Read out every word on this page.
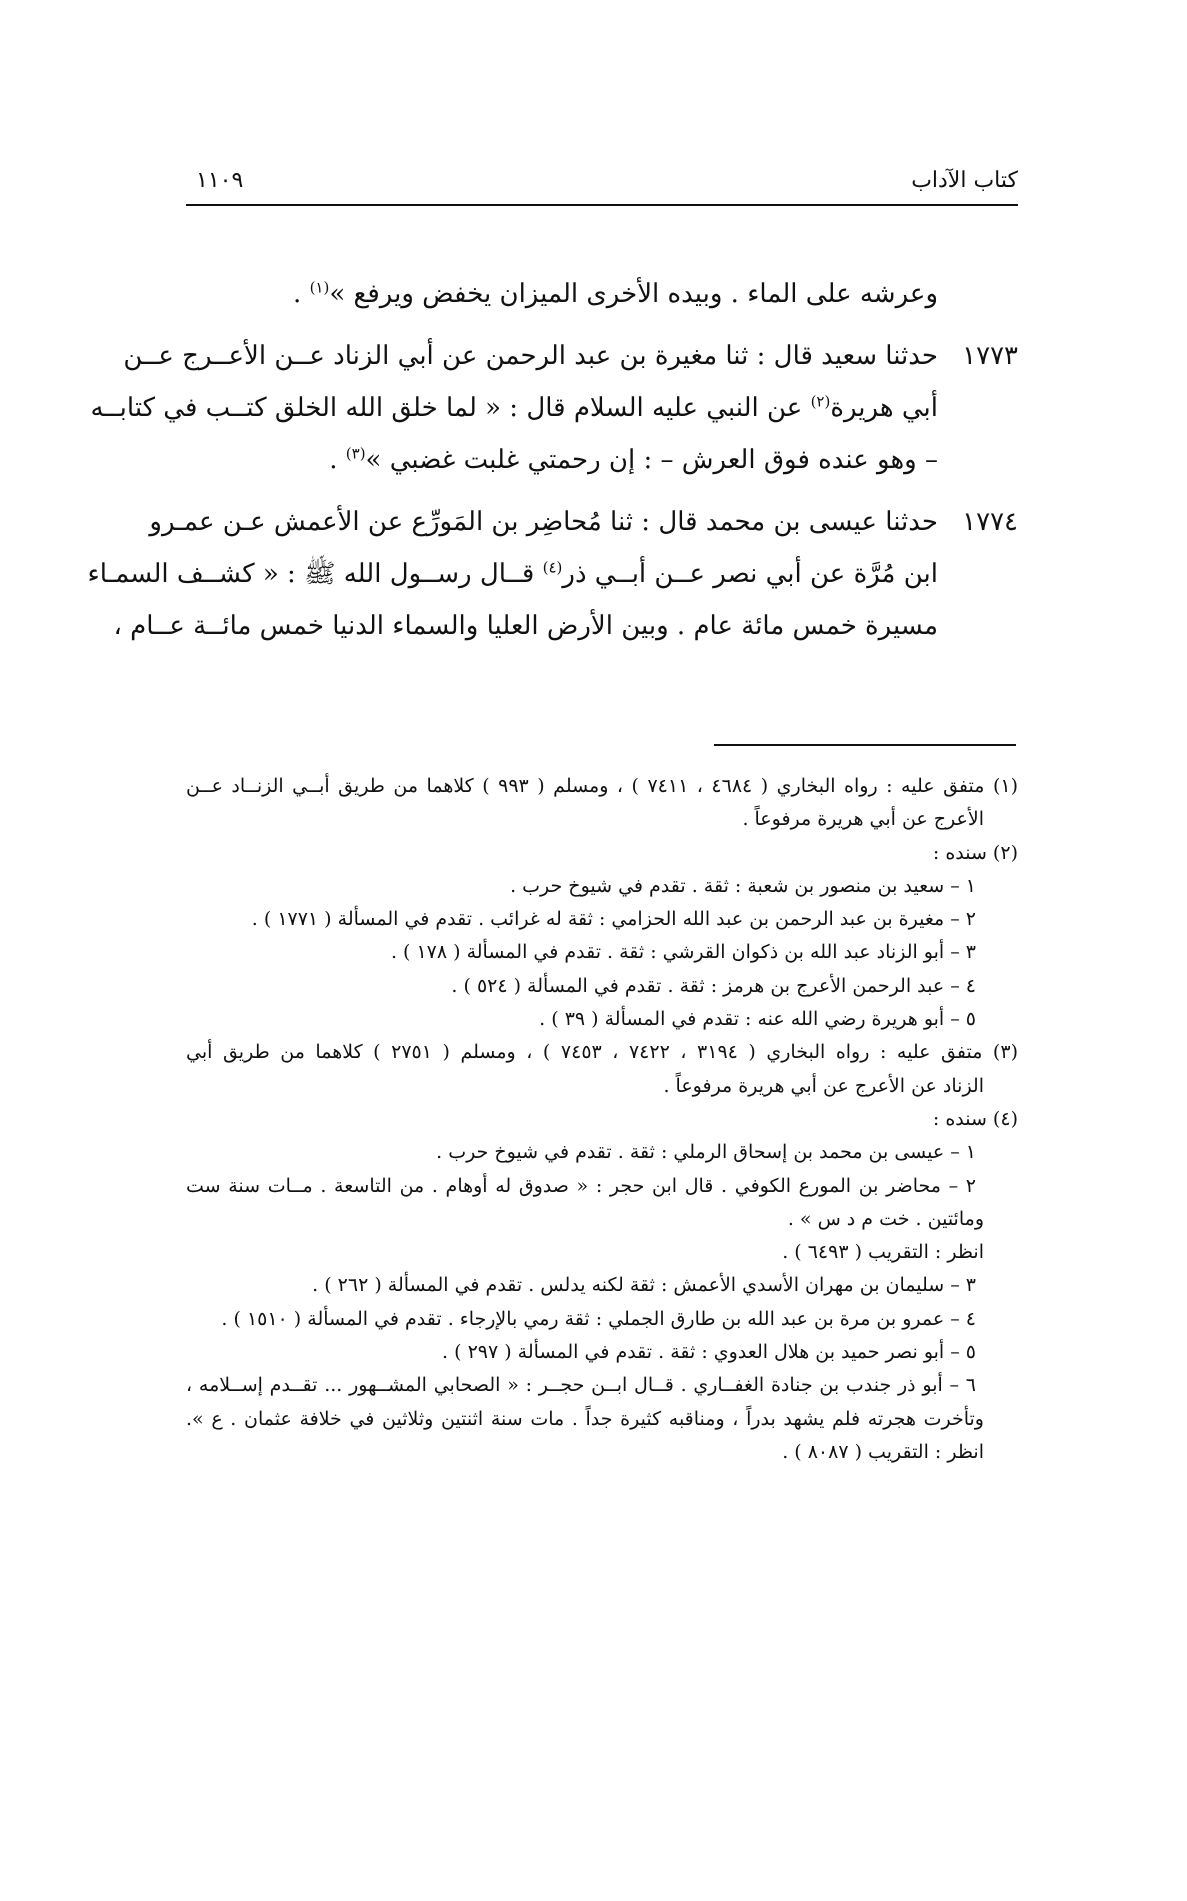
كتاب الآداب
١١٠٩
وعرشه على الماء . وبيده الأخرى الميزان يخفض ويرفع »$^{(١)}$ .
١٧٧٣
حدثنا سعيد قال : ثنا مغيرة بن عبد الرحمن عن أبي الزناد عــن الأعــرج عــن
أبي هريرة$^{(٢)}$ عن النبي عليه السلام قال : « لما خلق الله الخلق كتــب في كتابــه
– وهو عنده فوق العرش – : إن رحمتي غلبت غضبي »$^{(٣)}$ .
١٧٧٤
حدثنا عيسى بن محمد قال : ثنا مُحاضِر بن المَورِّع عن الأعمش عـن عمـرو
ابن مُرَّة عن أبي نصر عــن أبــي ذر$^{(٤)}$ قــال رســول الله ﷺ : « كشــف السمـاء
مسيرة خمس مائة عام . وبين الأرض العليا والسماء الدنيا خمس مائــة عــام ،
(١) متفق عليه : رواه البخاري ( ٤٦٨٤ ، ٧٤١١ ) ، ومسلم ( ٩٩٣ ) كلاهما من طريق أبــي الزنــاد عــن
الأعرج عن أبي هريرة مرفوعاً .
(٢) سنده :
١ – سعيد بن منصور بن شعبة : ثقة . تقدم في شيوخ حرب .
٢ – مغيرة بن عبد الرحمن بن عبد الله الحزامي : ثقة له غرائب . تقدم في المسألة ( ١٧٧١ ) .
٣ – أبو الزناد عبد الله بن ذكوان القرشي : ثقة . تقدم في المسألة ( ١٧٨ ) .
٤ – عبد الرحمن الأعرج بن هرمز : ثقة . تقدم في المسألة ( ٥٢٤ ) .
٥ – أبو هريرة رضي الله عنه : تقدم في المسألة ( ٣٩ ) .
(٣) متفق عليه : رواه البخاري ( ٣١٩٤ ، ٧٤٢٢ ، ٧٤٥٣ ) ، ومسلم ( ٢٧٥١ ) كلاهما من طريق أبي
الزناد عن الأعرج عن أبي هريرة مرفوعاً .
(٤) سنده :
١ – عيسى بن محمد بن إسحاق الرملي : ثقة . تقدم في شيوخ حرب .
٢ – محاضر بن المورع الكوفي . قال ابن حجر : « صدوق له أوهام . من التاسعة . مــات سنة ست
ومائتين . خت م د س » .
انظر : التقريب ( ٦٤٩٣ ) .
٣ – سليمان بن مهران الأسدي الأعمش : ثقة لكنه يدلس . تقدم في المسألة ( ٢٦٢ ) .
٤ – عمرو بن مرة بن عبد الله بن طارق الجملي : ثقة رمي بالإرجاء . تقدم في المسألة ( ١٥١٠ ) .
٥ – أبو نصر حميد بن هلال العدوي : ثقة . تقدم في المسألة ( ٢٩٧ ) .
٦ – أبو ذر جندب بن جنادة الغفــاري . قــال ابــن حجــر : « الصحابي المشــهور ... تقــدم إســلامه ،
وتأخرت هجرته فلم يشهد بدراً ، ومناقبه كثيرة جداً . مات سنة اثنتين وثلاثين في خلافة عثمان . ع ».
انظر : التقريب ( ٨٠٨٧ ) .
